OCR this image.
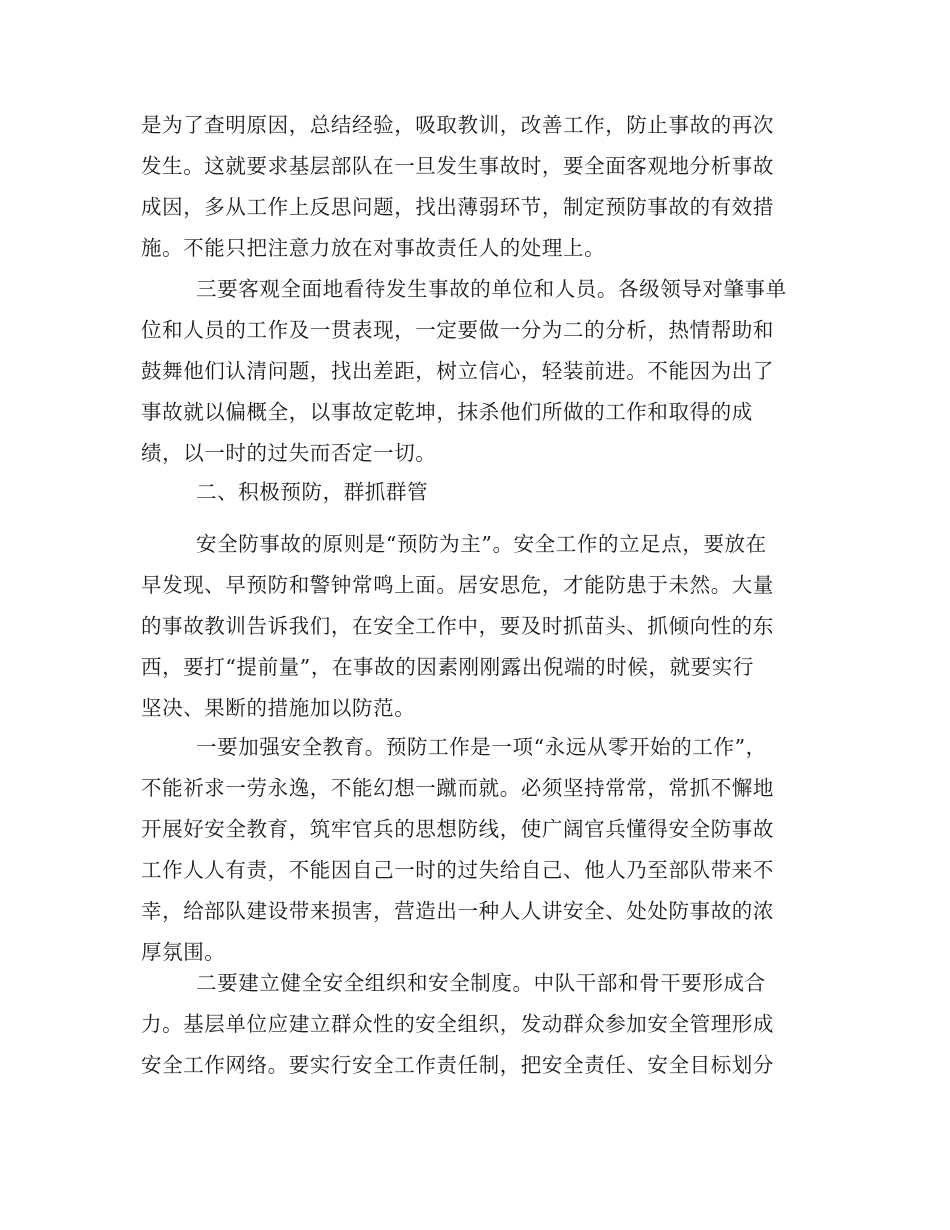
是为了查明原因，总结经验，吸取教训，改善工作，防止事故的再次
发生。这就要求基层部队在一旦发生事故时，要全面客观地分析事故
成因，多从工作上反思问题，找出薄弱环节，制定预防事故的有效措
施。不能只把注意力放在对事故责任人的处理上。
三要客观全面地看待发生事故的单位和人员。各级领导对肇事单
位和人员的工作及一贯表现，一定要做一分为二的分析，热情帮助和
鼓舞他们认清问题，找出差距，树立信心，轻装前进。不能因为出了
事故就以偏概全，以事故定乾坤，抹杀他们所做的工作和取得的成
绩，以一时的过失而否定一切。
二、积极预防，群抓群管
安全防事故的原则是“预防为主”。安全工作的立足点，要放在
早发现、早预防和警钟常鸣上面。居安思危，才能防患于未然。大量
的事故教训告诉我们，在安全工作中，要及时抓苗头、抓倾向性的东
西，要打“提前量”，在事故的因素刚刚露出倪端的时候，就要实行
坚决、果断的措施加以防范。
一要加强安全教育。预防工作是一项“永远从零开始的工作”，
不能祈求一劳永逸，不能幻想一蹴而就。必须坚持常常，常抓不懈地
开展好安全教育，筑牢官兵的思想防线，使广阔官兵懂得安全防事故
工作人人有责，不能因自己一时的过失给自己、他人乃至部队带来不
幸，给部队建设带来损害，营造出一种人人讲安全、处处防事故的浓
厚氛围。
二要建立健全安全组织和安全制度。中队干部和骨干要形成合
力。基层单位应建立群众性的安全组织，发动群众参加安全管理形成
安全工作网络。要实行安全工作责任制，把安全责任、安全目标划分
